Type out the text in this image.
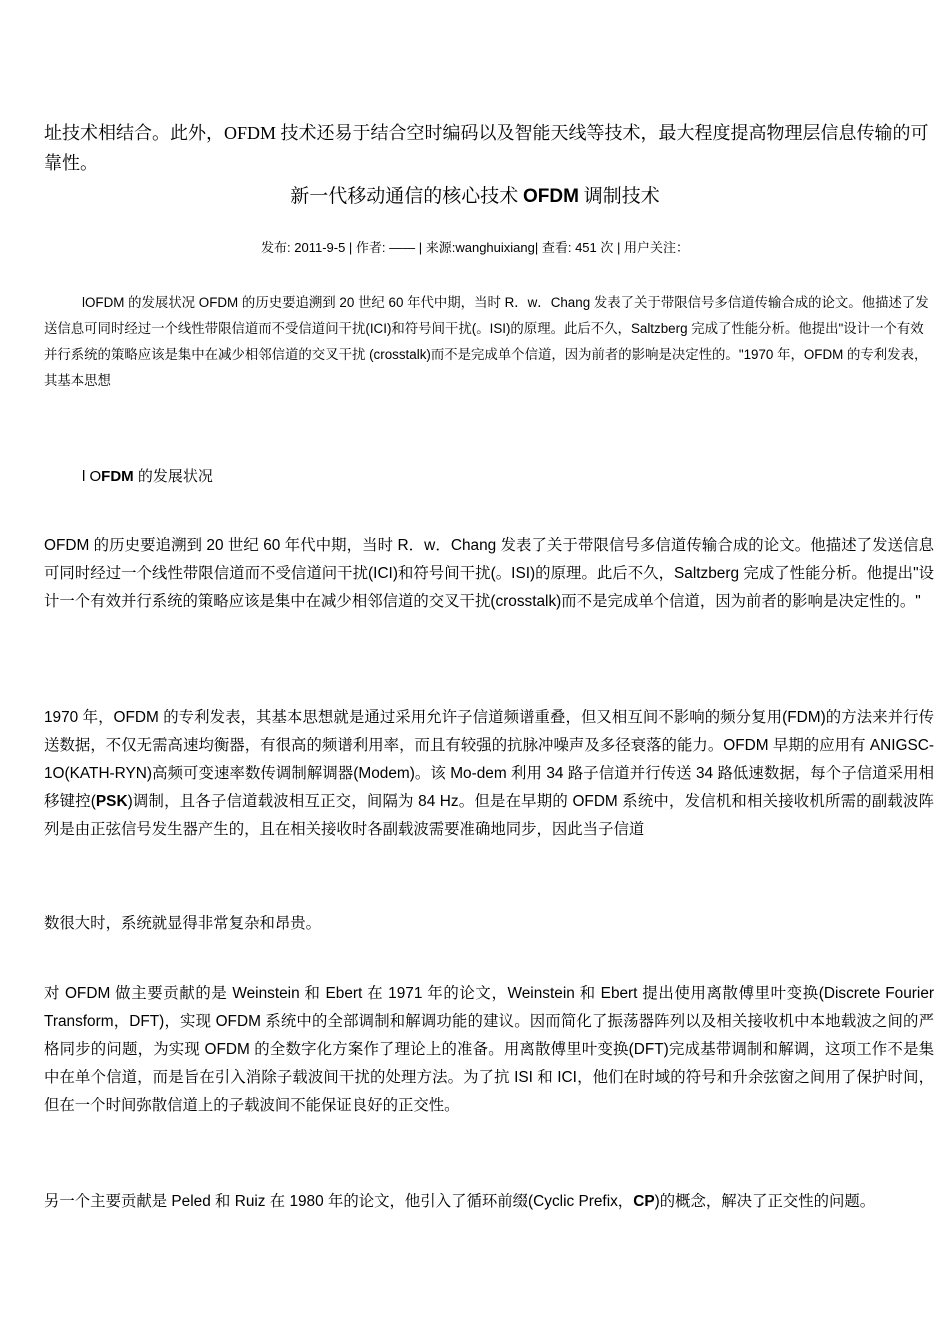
址技术相结合。此外，OFDM 技术还易于结合空时编码以及智能天线等技术，最大程度提高物理层信息传输的可靠性。
新一代移动通信的核心技术 OFDM 调制技术
发布: 2011-9-5 | 作者: —— | 来源:wanghuixiang| 查看: 451 次 | 用户关注：
lOFDM 的发展状况 OFDM 的历史要追溯到 20 世纪 60 年代中期，当时 R．w．Chang 发表了关于带限信号多信道传输合成的论文。他描述了发送信息可同时经过一个线性带限信道而不受信道问干扰(ICI)和符号间干扰(。ISI)的原理。此后不久，Saltzberg 完成了性能分析。他提出"设计一个有效并行系统的策略应该是集中在减少相邻信道的交叉干扰 (crosstalk)而不是完成单个信道，因为前者的影响是决定性的。"1970 年，OFDM 的专利发表，其基本思想
l OFDM 的发展状况
OFDM 的历史要追溯到 20 世纪 60 年代中期，当时 R．w．Chang 发表了关于带限信号多信道传输合成的论文。他描述了发送信息可同时经过一个线性带限信道而不受信道问干扰(ICI)和符号间干扰(。ISI)的原理。此后不久，Saltzberg 完成了性能分析。他提出"设计一个有效并行系统的策略应该是集中在减少相邻信道的交叉干扰(crosstalk)而不是完成单个信道，因为前者的影响是决定性的。"
1970 年，OFDM 的专利发表，其基本思想就是通过采用允许子信道频谱重叠，但又相互间不影响的频分复用(FDM)的方法来并行传送数据，不仅无需高速均衡器，有很高的频谱利用率，而且有较强的抗脉冲噪声及多径衰落的能力。OFDM 早期的应用有 ANIGSC-1O(KATH-RYN)高频可变速率数传调制解调器(Modem)。该 Mo-dem 利用 34 路子信道并行传送 34 路低速数据，每个子信道采用相移键控(PSK)调制，且各子信道载波相互正交，间隔为 84 Hz。但是在早期的 OFDM 系统中，发信机和相关接收机所需的副载波阵列是由正弦信号发生器产生的，且在相关接收时各副载波需要准确地同步，因此当子信道
数很大时，系统就显得非常复杂和昂贵。
对 OFDM 做主要贡献的是 Weinstein 和 Ebert 在 1971 年的论文，Weinstein 和 Ebert 提出使用离散傅里叶变换(Discrete Fourier Transform，DFT)，实现 OFDM 系统中的全部调制和解调功能的建议。因而简化了振荡器阵列以及相关接收机中本地载波之间的严格同步的问题，为实现 OFDM 的全数字化方案作了理论上的准备。用离散傅里叶变换(DFT)完成基带调制和解调，这项工作不是集中在单个信道，而是旨在引入消除子载波间干扰的处理方法。为了抗 ISI 和 ICI，他们在时域的符号和升余弦窗之间用了保护时间，但在一个时间弥散信道上的子载波间不能保证良好的正交性。
另一个主要贡献是 Peled 和 Ruiz 在 1980 年的论文，他引入了循环前缀(Cyclic Prefix，CP)的概念，解决了正交性的问题。
